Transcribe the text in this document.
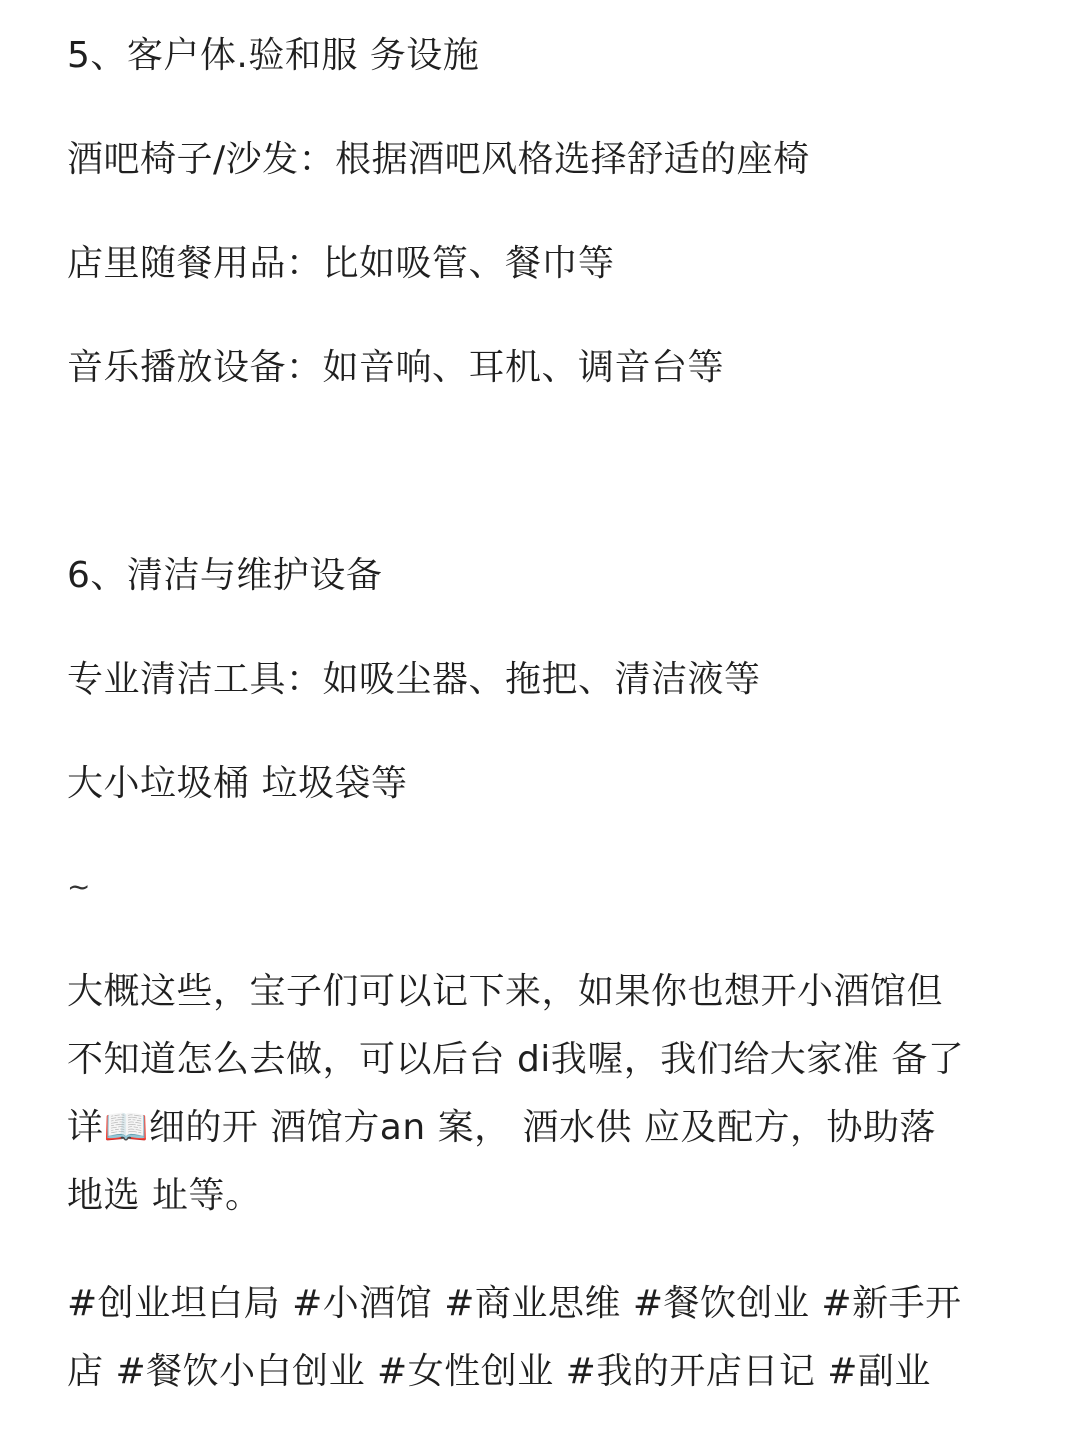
5、客户体.验和服 务设施
酒吧椅子/沙发：根据酒吧风格选择舒适的座椅
店里随餐用品：比如吸管、餐巾等
音乐播放设备：如音响、耳机、调音台等
6、清洁与维护设备
专业清洁工具：如吸尘器、拖把、清洁液等
大小垃圾桶 垃圾袋等
~
大概这些，宝子们可以记下来，如果你也想开小酒馆但
不知道怎么去做，可以后台 di我喔，我们给大家准 备了
详📖细的开 酒馆方an 案， 酒水供 应及配方，协助落
地选 址等。
#创业坦白局 #小酒馆 #商业思维 #餐饮创业 #新手开
店 #餐饮小白创业 #女性创业 #我的开店日记 #副业
